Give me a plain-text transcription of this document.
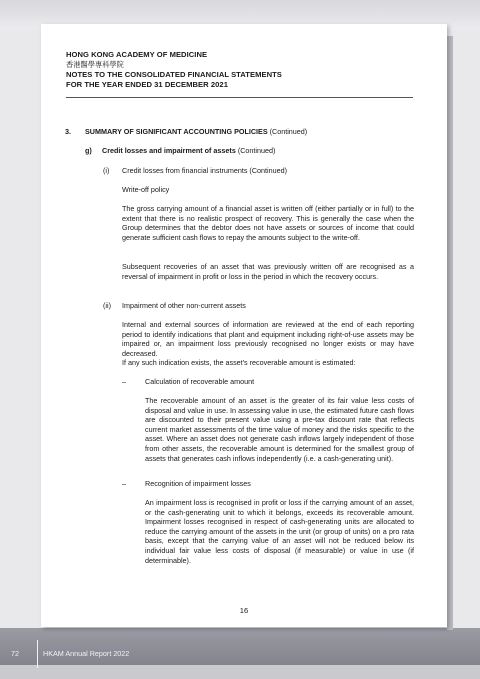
HONG KONG ACADEMY OF MEDICINE
香港醫學專科學院
NOTES TO THE CONSOLIDATED FINANCIAL STATEMENTS
FOR THE YEAR ENDED 31 DECEMBER 2021
3. SUMMARY OF SIGNIFICANT ACCOUNTING POLICIES (Continued)
g) Credit losses and impairment of assets (Continued)
(i) Credit losses from financial instruments (Continued)
Write-off policy
The gross carrying amount of a financial asset is written off (either partially or in full) to the extent that there is no realistic prospect of recovery. This is generally the case when the Group determines that the debtor does not have assets or sources of income that could generate sufficient cash flows to repay the amounts subject to the write-off.
Subsequent recoveries of an asset that was previously written off are recognised as a reversal of impairment in profit or loss in the period in which the recovery occurs.
(ii) Impairment of other non-current assets
Internal and external sources of information are reviewed at the end of each reporting period to identify indications that plant and equipment including right-of-use assets may be impaired or, an impairment loss previously recognised no longer exists or may have decreased.
If any such indication exists, the asset's recoverable amount is estimated:
–	Calculation of recoverable amount
The recoverable amount of an asset is the greater of its fair value less costs of disposal and value in use. In assessing value in use, the estimated future cash flows are discounted to their present value using a pre-tax discount rate that reflects current market assessments of the time value of money and the risks specific to the asset. Where an asset does not generate cash inflows largely independent of those from other assets, the recoverable amount is determined for the smallest group of assets that generates cash inflows independently (i.e. a cash-generating unit).
–	Recognition of impairment losses
An impairment loss is recognised in profit or loss if the carrying amount of an asset, or the cash-generating unit to which it belongs, exceeds its recoverable amount. Impairment losses recognised in respect of cash-generating units are allocated to reduce the carrying amount of the assets in the unit (or group of units) on a pro rata basis, except that the carrying value of an asset will not be reduced below its individual fair value less costs of disposal (if measurable) or value in use (if determinable).
16
72	HKAM Annual Report 2022
